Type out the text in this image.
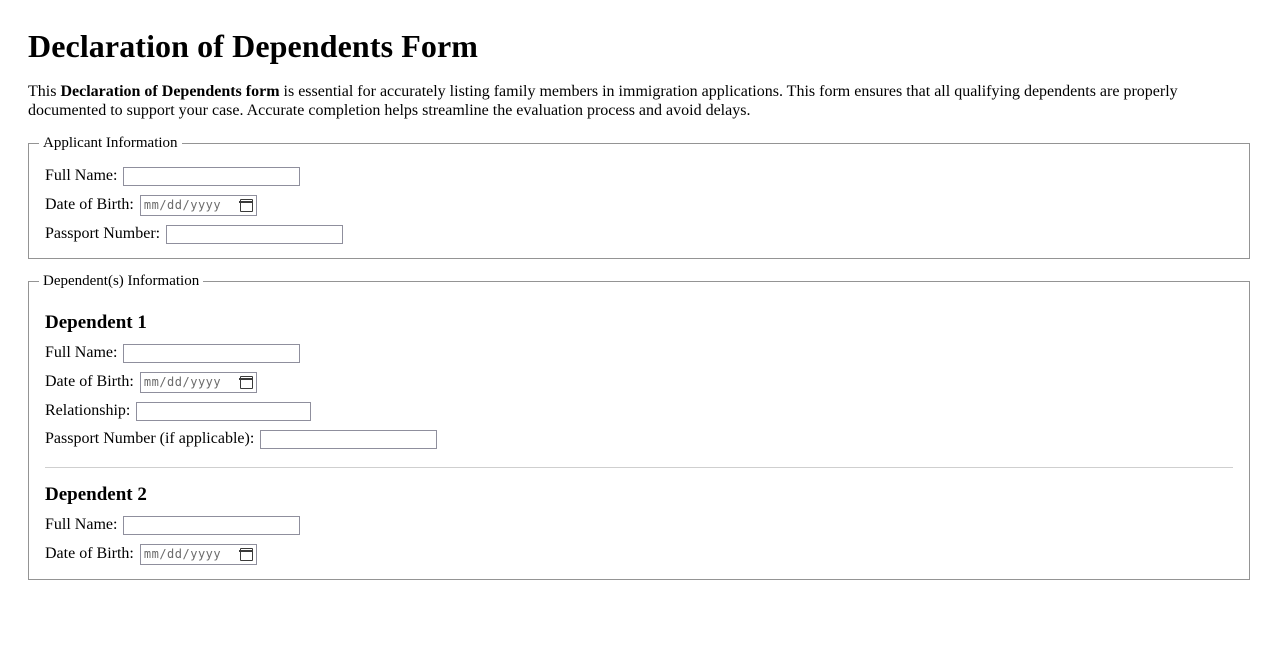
Declaration of Dependents Form

This Declaration of Dependents form is essential for accurately listing family members in immigration applications. This form ensures that all qualifying dependents are properly documented to support your case. Accurate completion helps streamline the evaluation process and avoid delays.

Applicant Information
Full Name:
Date of Birth: mm/dd/yyyy
Passport Number:
Dependent(s) Information
Dependent 1
Full Name:
Date of Birth: mm/dd/yyyy
Relationship:
Passport Number (if applicable):
Dependent 2
Full Name:
Date of Birth: mm/dd/yyyy
